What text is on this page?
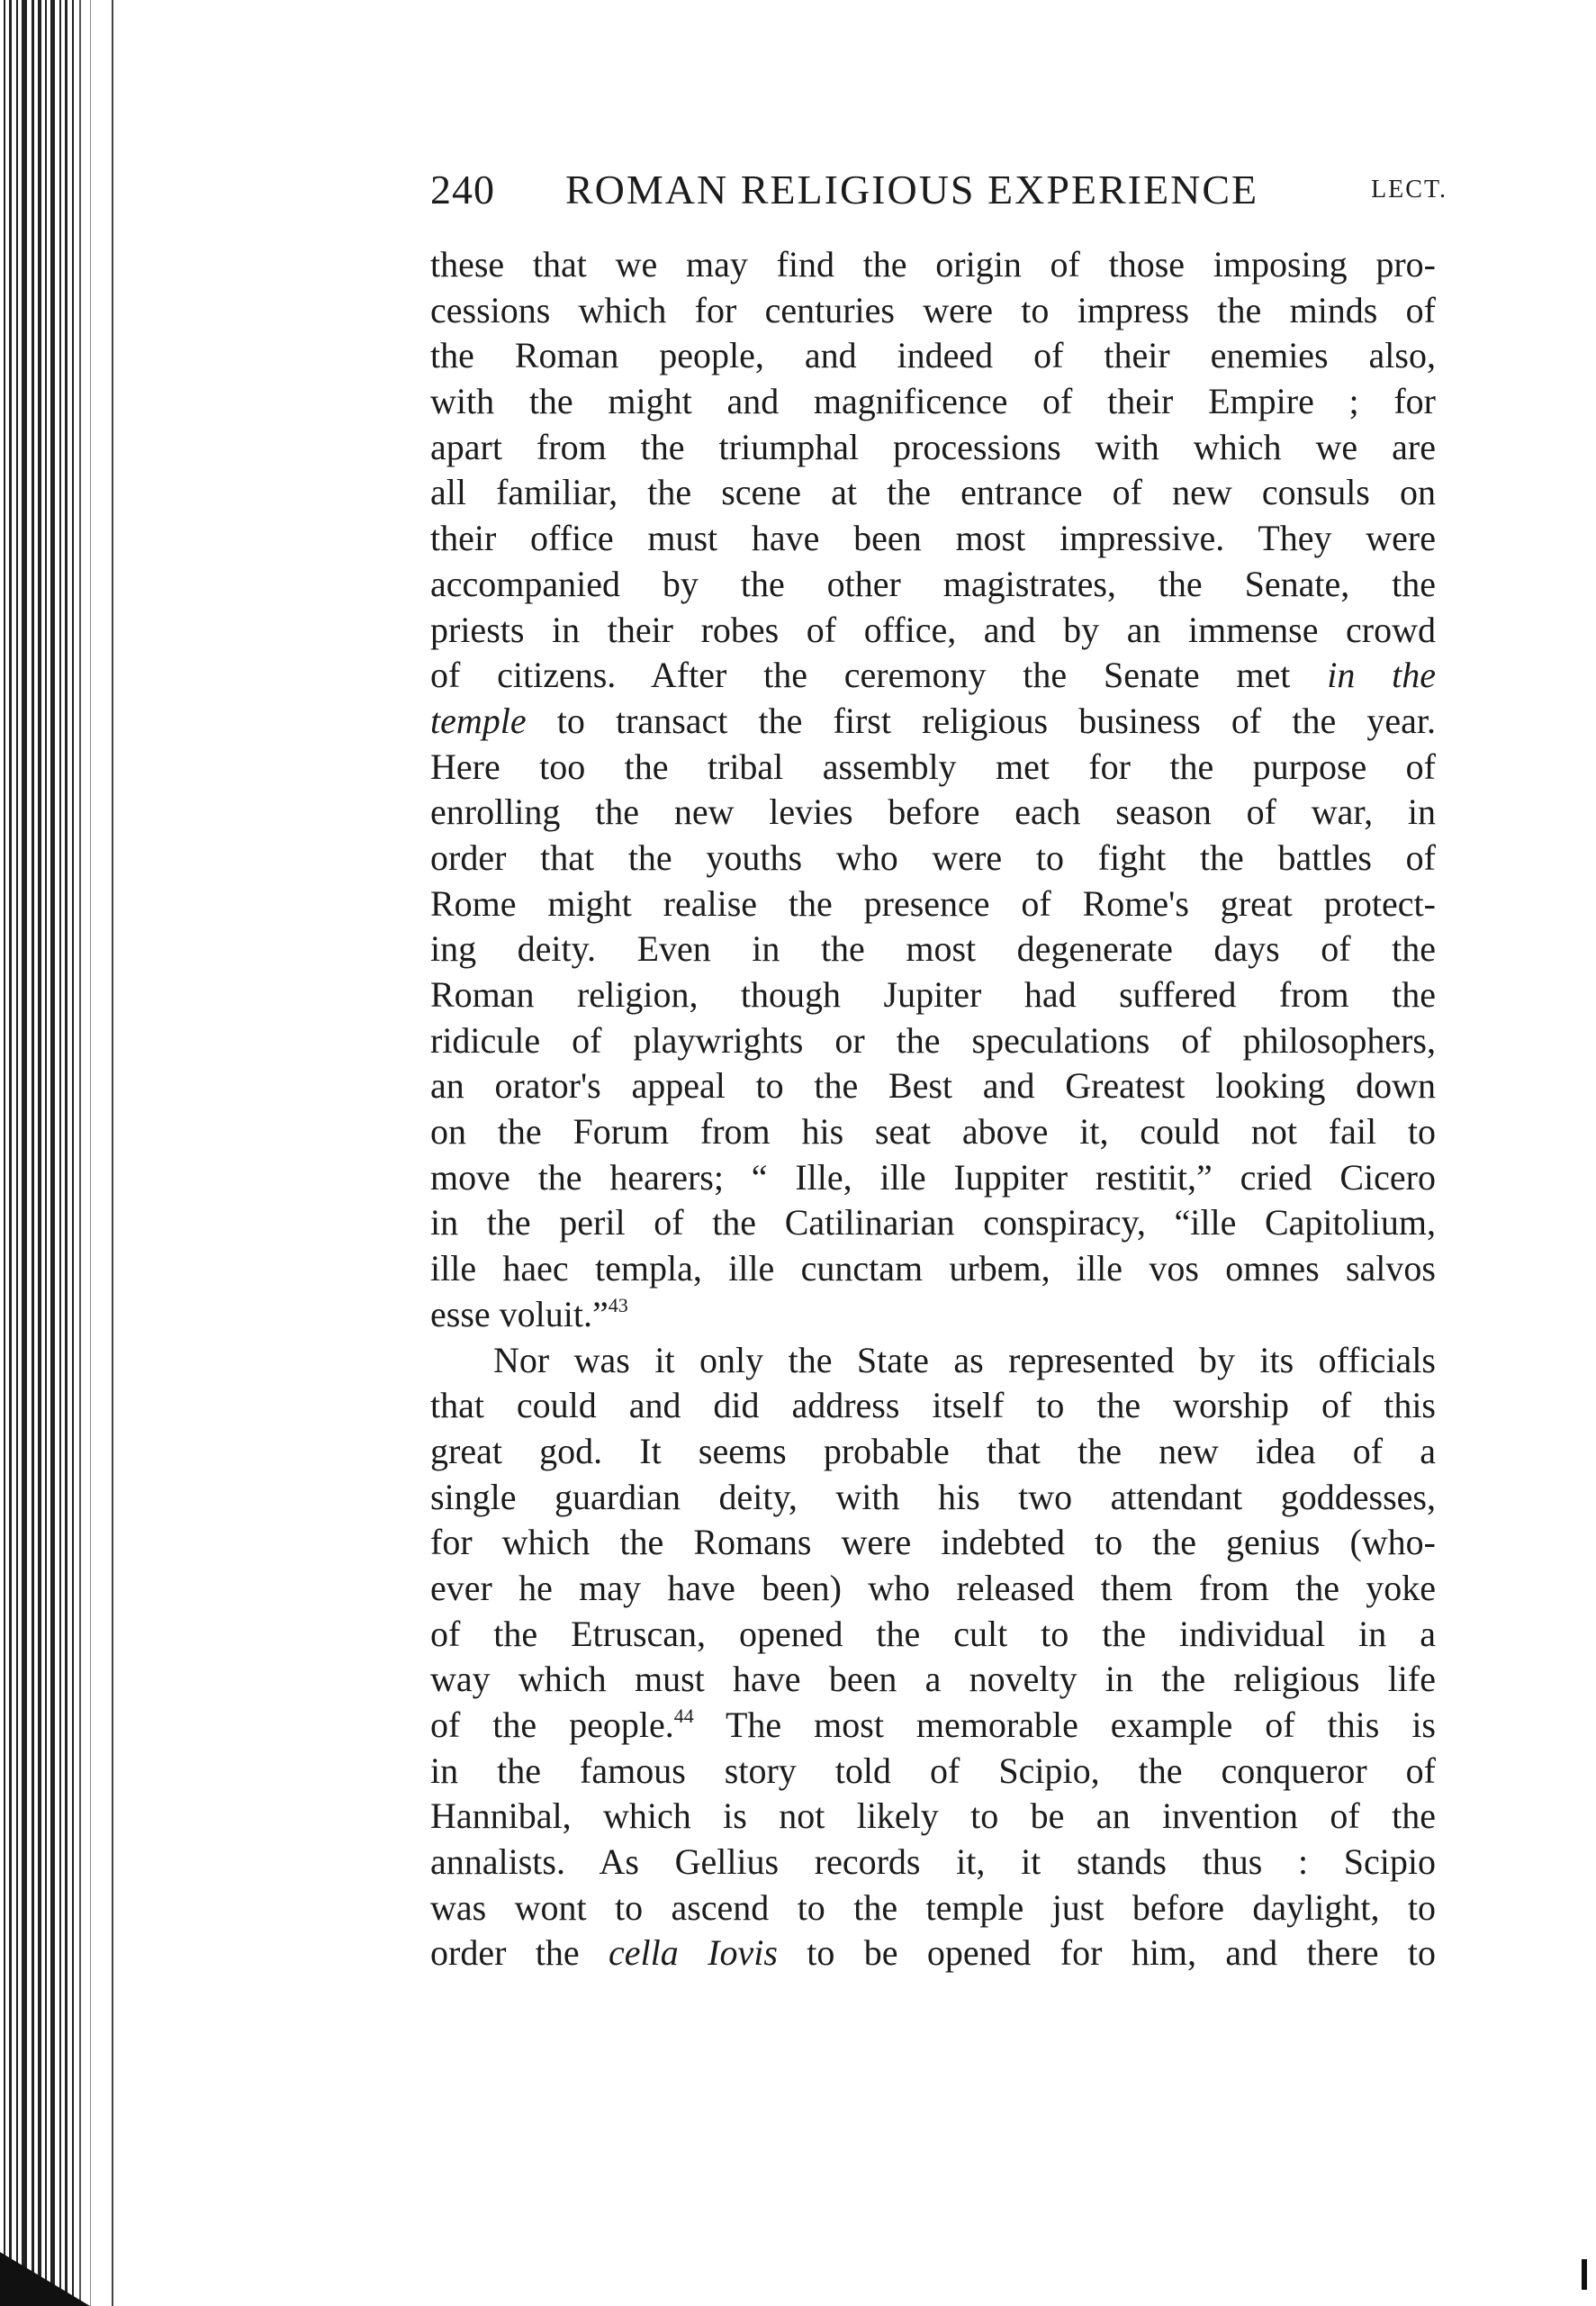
240 ROMAN RELIGIOUS EXPERIENCE	LECT.
these that we may find the origin of those imposing pro-
cessions which for centuries were to impress the minds of
the Roman people, and indeed of their enemies also,
with the might and magnificence of their Empire ; for
apart from the triumphal processions with which we are
all familiar, the scene at the entrance of new consuls on
their office must have been most impressive. They were
accompanied by the other magistrates, the Senate, the
priests in their robes of office, and by an immense crowd
of citizens. After the ceremony the Senate met in the
temple to transact the first religious business of the year.
Here too the tribal assembly met for the purpose of
enrolling the new levies before each season of war, in
order that the youths who were to fight the battles of
Rome might realise the presence of Rome's great protect-
ing deity. Even in the most degenerate days of the
Roman religion, though Jupiter had suffered from the
ridicule of playwrights or the speculations of philosophers,
an orator's appeal to the Best and Greatest looking down
on the Forum from his seat above it, could not fail to
move the hearers; “ Ille, ille Iuppiter restitit,” cried Cicero
in the peril of the Catilinarian conspiracy, “ille Capitolium,
ille haec templa, ille cunctam urbem, ille vos omnes salvos
esse voluit.”$^{43}$
Nor was it only the State as represented by its officials
that could and did address itself to the worship of this
great god. It seems probable that the new idea of a
single guardian deity, with his two attendant goddesses,
for which the Romans were indebted to the genius (who-
ever he may have been) who released them from the yoke
of the Etruscan, opened the cult to the individual in a
way which must have been a novelty in the religious life
of the people.$^{44}$ The most memorable example of this is
in the famous story told of Scipio, the conqueror of
Hannibal, which is not likely to be an invention of the
annalists. As Gellius records it, it stands thus : Scipio
was wont to ascend to the temple just before daylight, to
order the cella Iovis to be opened for him, and there to
